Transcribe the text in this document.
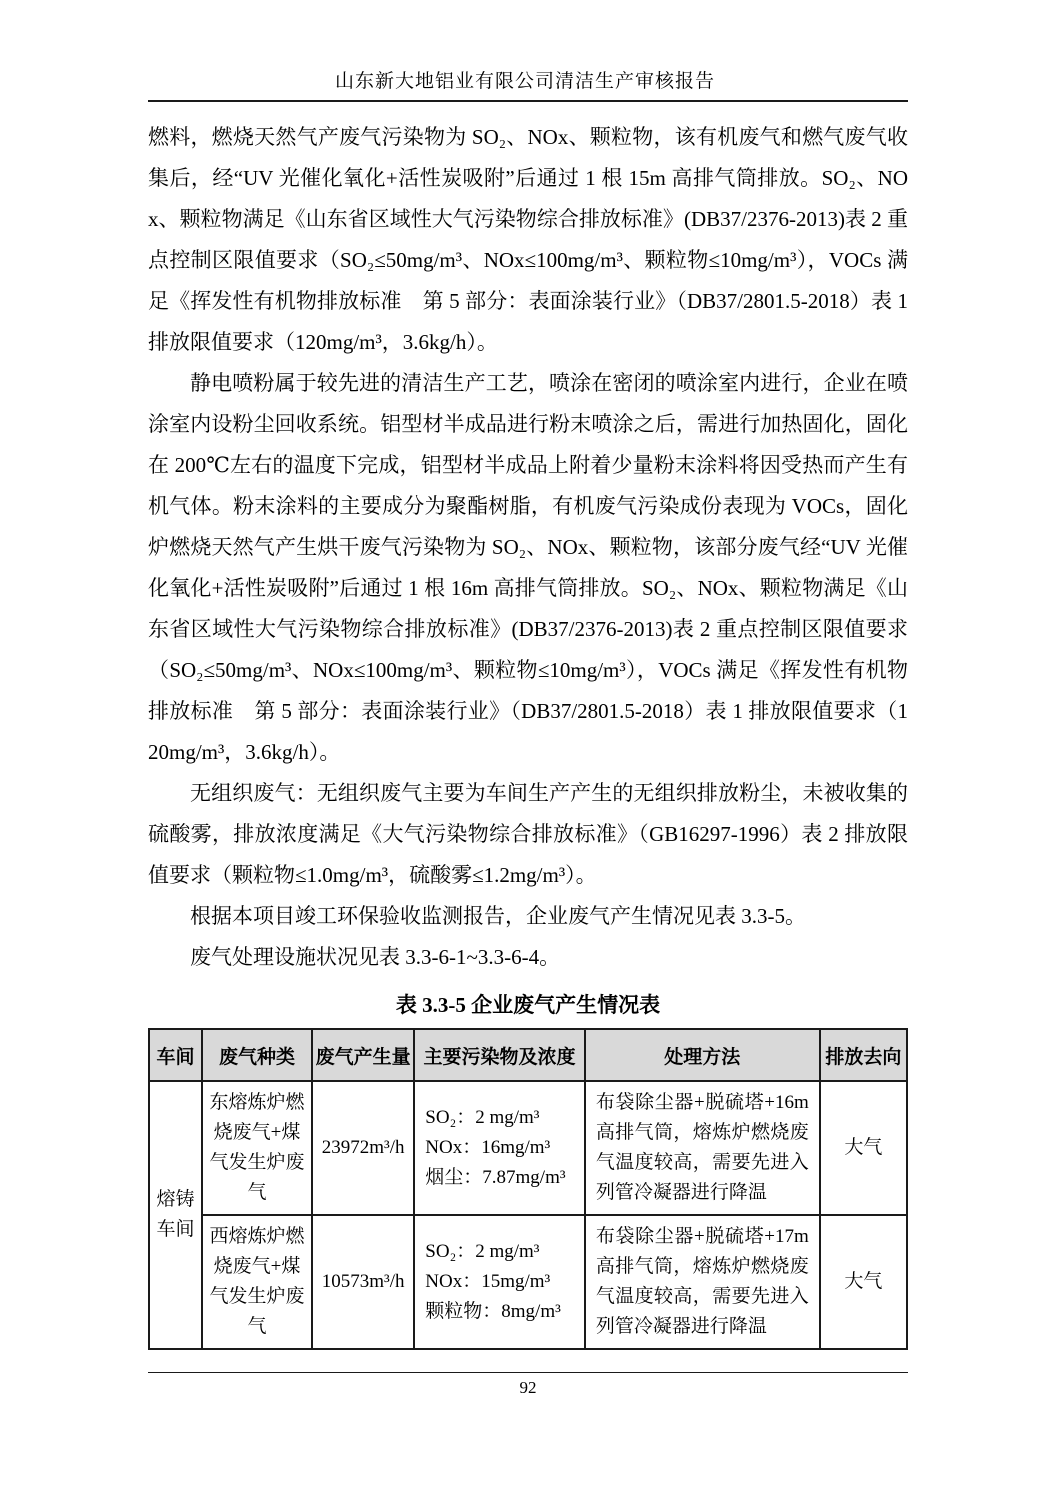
山东新大地铝业有限公司清洁生产审核报告

燃料，燃烧天然气产废气污染物为 SO₂、NOx、颗粒物，该有机废气和燃气废气收集后，经“UV 光催化氧化+活性炭吸附”后通过 1 根 15m 高排气筒排放。SO₂、NOx、颗粒物满足《山东省区域性大气污染物综合排放标准》(DB37/2376-2013)表 2 重点控制区限值要求（SO₂≤50mg/m³、NOx≤100mg/m³、颗粒物≤10mg/m³），VOCs 满足《挥发性有机物排放标准　第 5 部分：表面涂装行业》（DB37/2801.5-2018）表 1 排放限值要求（120mg/m³，3.6kg/h）。

静电喷粉属于较先进的清洁生产工艺，喷涂在密闭的喷涂室内进行，企业在喷涂室内设粉尘回收系统。铝型材半成品进行粉末喷涂之后，需进行加热固化，固化在 200℃左右的温度下完成，铝型材半成品上附着少量粉末涂料将因受热而产生有机气体。粉末涂料的主要成分为聚酯树脂，有机废气污染成份表现为 VOCs，固化炉燃烧天然气产生烘干废气污染物为 SO₂、NOx、颗粒物，该部分废气经“UV 光催化氧化+活性炭吸附”后通过 1 根 16m 高排气筒排放。SO₂、NOx、颗粒物满足《山东省区域性大气污染物综合排放标准》(DB37/2376-2013)表 2 重点控制区限值要求（SO₂≤50mg/m³、NOx≤100mg/m³、颗粒物≤10mg/m³），VOCs 满足《挥发性有机物排放标准　第 5 部分：表面涂装行业》（DB37/2801.5-2018）表 1 排放限值要求（120mg/m³，3.6kg/h）。

无组织废气：无组织废气主要为车间生产产生的无组织排放粉尘，未被收集的硫酸雾，排放浓度满足《大气污染物综合排放标准》（GB16297-1996）表 2 排放限值要求（颗粒物≤1.0mg/m³，硫酸雾≤1.2mg/m³）。

根据本项目竣工环保验收监测报告，企业废气产生情况见表 3.3-5。

废气处理设施状况见表 3.3-6-1~3.3-6-4。

表 3.3-5 企业废气产生情况表
车间	废气种类	废气产生量	主要污染物及浓度	处理方法	排放去向
熔铸车间	东熔炼炉燃烧废气+煤气发生炉废气	23972m³/h	SO₂：2 mg/m³
NOx：16mg/m³
烟尘：7.87mg/m³	布袋除尘器+脱硫塔+16m高排气筒，熔炼炉燃烧废气温度较高，需要先进入列管冷凝器进行降温	大气
	西熔炼炉燃烧废气+煤气发生炉废气	10573m³/h	SO₂：2 mg/m³
NOx：15mg/m³
颗粒物：8mg/m³	布袋除尘器+脱硫塔+17m高排气筒，熔炼炉燃烧废气温度较高，需要先进入列管冷凝器进行降温	大气
92
